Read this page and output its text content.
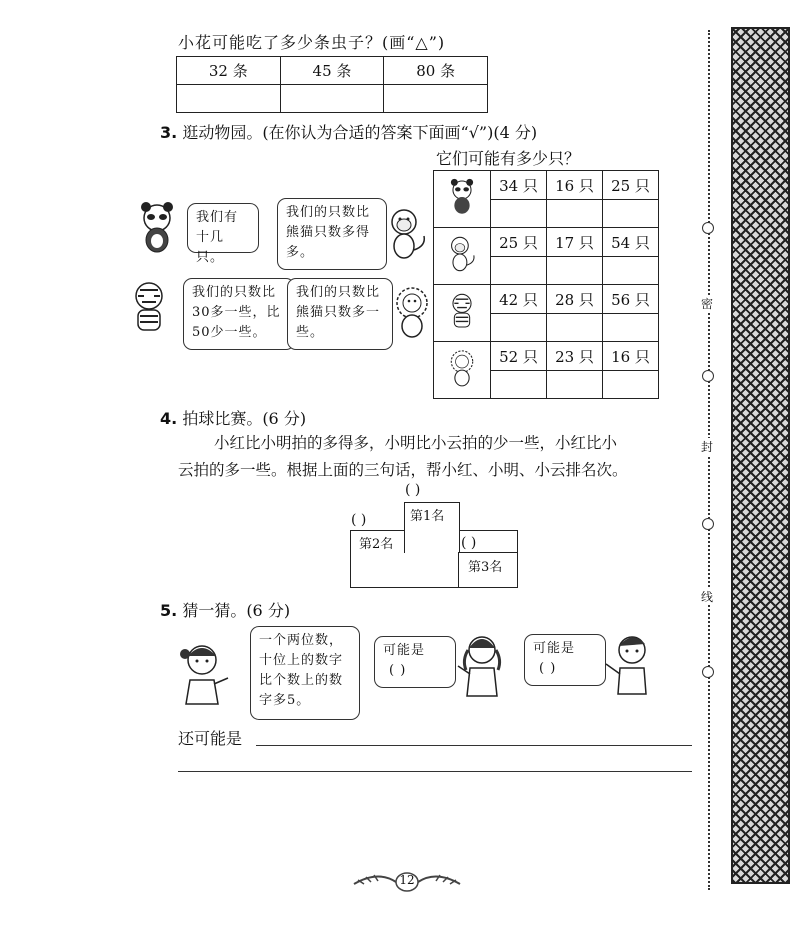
密
封
线
小花可能吃了多少条虫子？(画“△”)
32 条	45 条	80 条

3. 逛动物园。(在你认为合适的答案下面画“√”)(4 分)
它们可能有多少只？
我们有十几只。
我们的只数比熊猫只数多得多。
我们的只数比30多一些，比50少一些。
我们的只数比熊猫只数多一些。
	34 只	16 只	25 只

	25 只	17 只	54 只

	42 只	28 只	56 只

	52 只	23 只	16 只

4. 拍球比赛。(6 分)
小红比小明拍的多得多，小明比小云拍的少一些，小红比小
云拍的多一些。根据上面的三句话，帮小红、小明、小云排名次。
第1名
第2名
第3名
( )
( )
( )
5. 猜一猜。(6 分)
一个两位数，十位上的数字比个数上的数字多5。
可能是
( )
可能是
( )
还可能是
12
